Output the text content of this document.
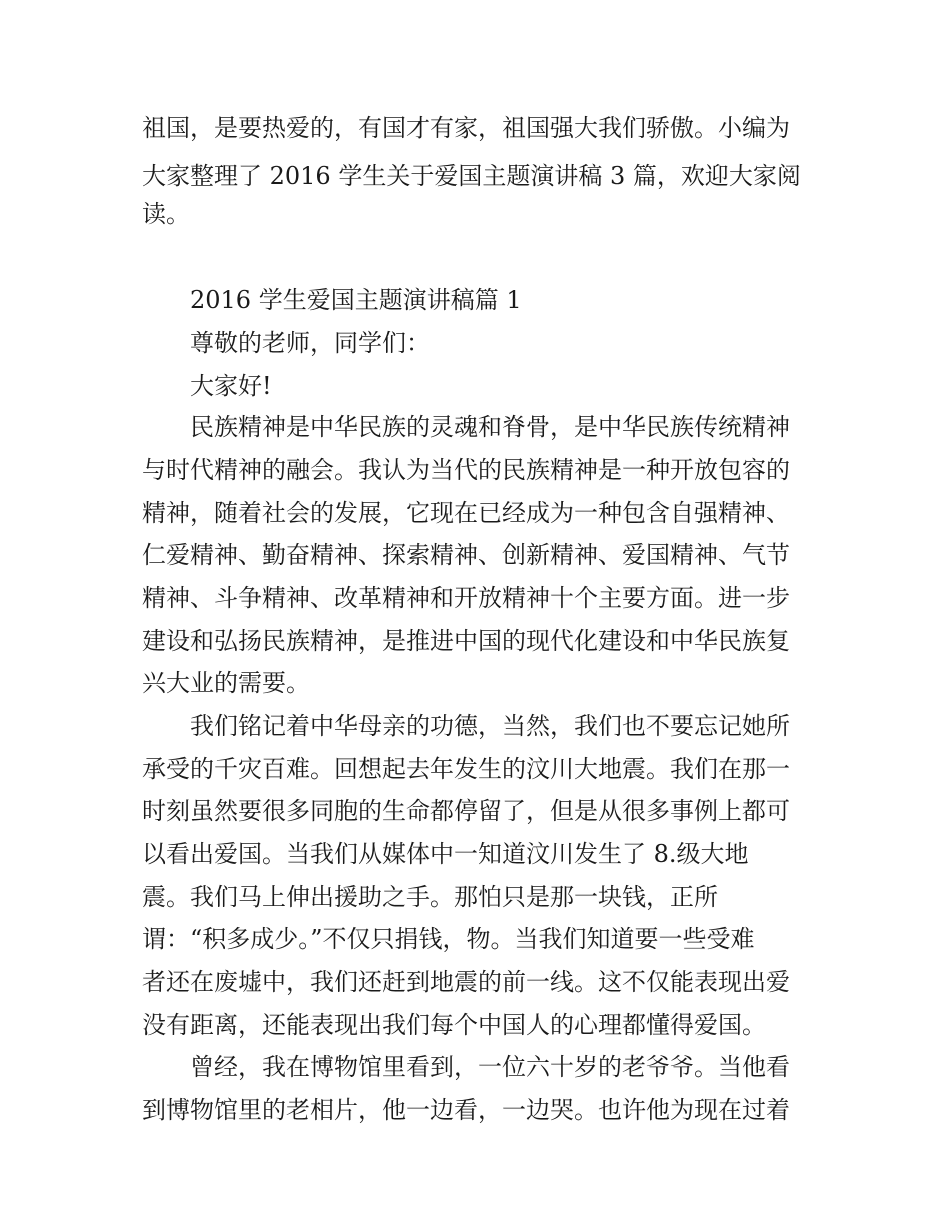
祖国，是要热爱的，有国才有家，祖国强大我们骄傲。小编为
大家整理了 2016 学生关于爱国主题演讲稿 3 篇，欢迎大家阅
读。
2016 学生爱国主题演讲稿篇 1
尊敬的老师，同学们：
大家好!
民族精神是中华民族的灵魂和脊骨，是中华民族传统精神
与时代精神的融会。我认为当代的民族精神是一种开放包容的
精神，随着社会的发展，它现在已经成为一种包含自强精神、
仁爱精神、勤奋精神、探索精神、创新精神、爱国精神、气节
精神、斗争精神、改革精神和开放精神十个主要方面。进一步
建设和弘扬民族精神，是推进中国的现代化建设和中华民族复
兴大业的需要。
我们铭记着中华母亲的功德，当然，我们也不要忘记她所
承受的千灾百难。回想起去年发生的汶川大地震。我们在那一
时刻虽然要很多同胞的生命都停留了，但是从很多事例上都可
以看出爱国。当我们从媒体中一知道汶川发生了 8.级大地
震。我们马上伸出援助之手。那怕只是那一块钱，正所
谓：“积多成少。”不仅只捐钱，物。当我们知道要一些受难
者还在废墟中，我们还赶到地震的前一线。这不仅能表现出爱
没有距离，还能表现出我们每个中国人的心理都懂得爱国。
曾经，我在博物馆里看到，一位六十岁的老爷爷。当他看
到博物馆里的老相片，他一边看，一边哭。也许他为现在过着
